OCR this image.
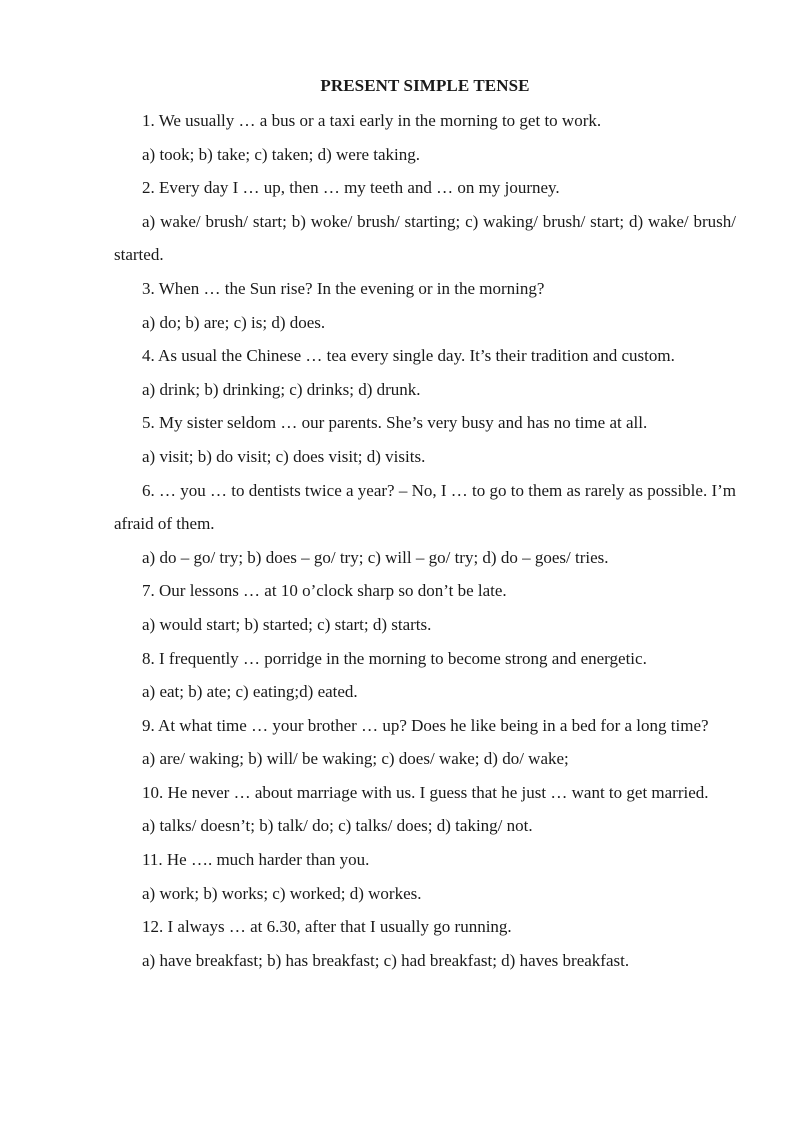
PRESENT SIMPLE TENSE

1. We usually … a bus or a taxi early in the morning to get to work.

a) took; b) take; c) taken; d) were taking.

2. Every day I … up, then … my teeth and … on my journey.

a) wake/ brush/ start; b) woke/ brush/ starting; c) waking/ brush/ start; d) wake/ brush/ started.

3. When … the Sun rise? In the evening or in the morning?

a) do; b) are; c) is; d) does.

4. As usual the Chinese … tea every single day. It’s their tradition and custom.

a) drink; b) drinking; c) drinks; d) drunk.

5. My sister seldom … our parents. She’s very busy and has no time at all.

a) visit; b) do visit; c) does visit; d) visits.

6. … you … to dentists twice a year? – No, I … to go to them as rarely as possible. I’m afraid of them.

a) do – go/ try; b) does – go/ try; c) will – go/ try; d) do – goes/ tries.

7. Our lessons … at 10 o’clock sharp so don’t be late.

a) would start; b) started; c) start; d) starts.

8. I frequently … porridge in the morning to become strong and energetic.

a) eat; b) ate; c) eating;d) eated.

9. At what time … your brother … up? Does he like being in a bed for a long time?

a) are/ waking; b) will/ be waking; c) does/ wake; d) do/ wake;

10. He never … about marriage with us. I guess that he just … want to get married.

a) talks/ doesn’t; b) talk/ do; c) talks/ does; d) taking/ not.

11. He …. much harder than you.

a) work; b) works; c) worked; d) workes.

12. I always … at 6.30, after that I usually go running.

a) have breakfast; b) has breakfast; c) had breakfast; d) haves breakfast.
